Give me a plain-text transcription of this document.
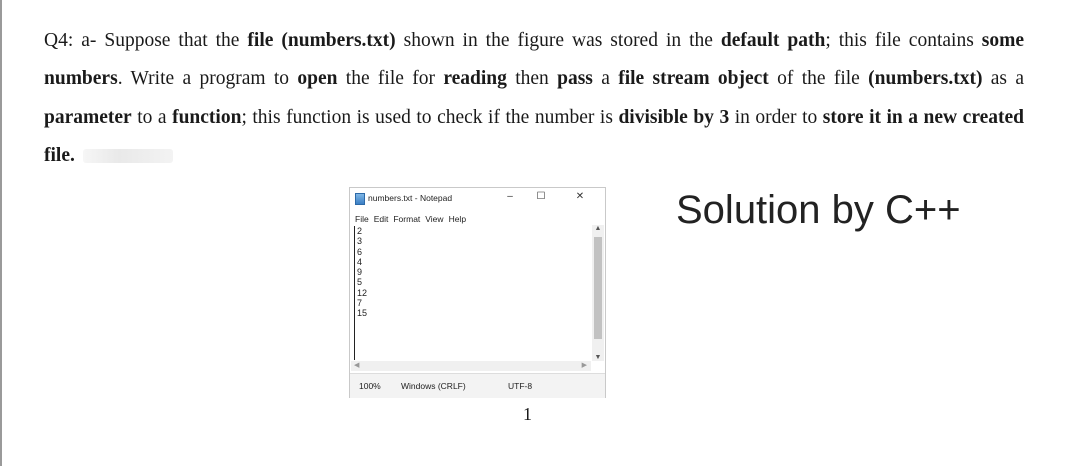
Q4: a- Suppose that the file (numbers.txt) shown in the figure was stored in the default path; this file contains some numbers. Write a program to open the file for reading then pass a file stream object of the file (numbers.txt) as a parameter to a function; this function is used to check if the number is divisible by 3 in order to store it in a new created file.
Solution by C++
numbers.txt - Notepad	–	☐	✕
File Edit Format View Help
2
3
6
4
9
5
12
7
15
▲
▼
◀	▶
100% Windows (CRLF)	UTF-8
1
